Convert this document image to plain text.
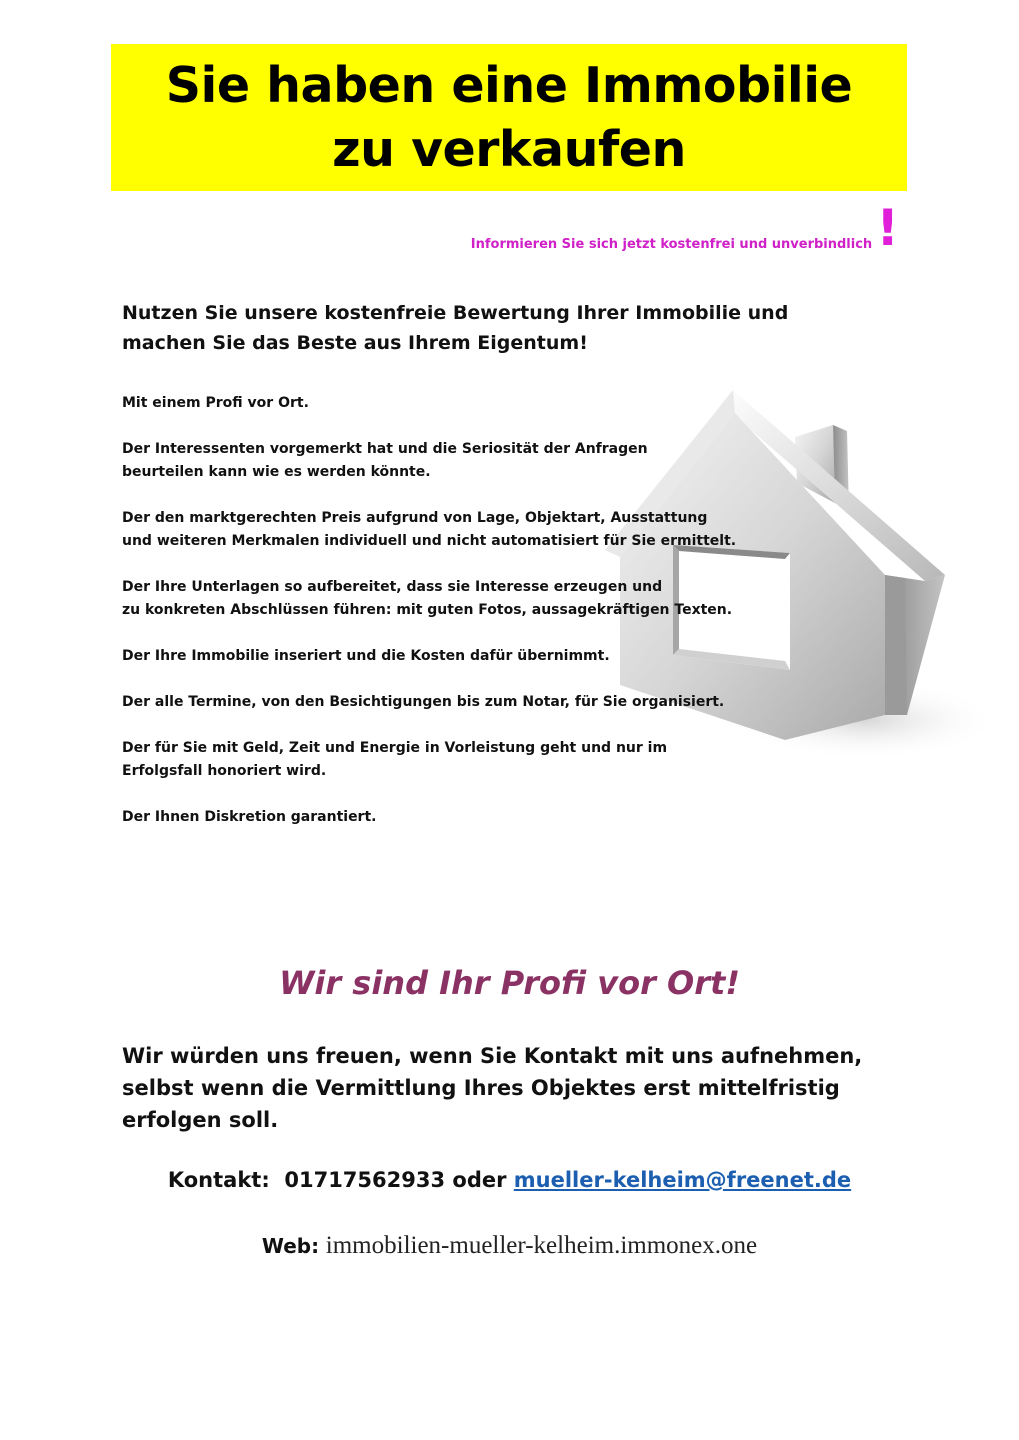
Sie haben eine Immobilie
zu verkaufen
Informieren Sie sich jetzt kostenfrei und unverbindlich !
Nutzen Sie unsere kostenfreie Bewertung Ihrer Immobilie und machen Sie das Beste aus Ihrem Eigentum!

Mit einem Profi vor Ort.

Der Interessenten vorgemerkt hat und die Seriosität der Anfragen
beurteilen kann wie es werden könnte.

Der den marktgerechten Preis aufgrund von Lage, Objektart, Ausstattung
und weiteren Merkmalen individuell und nicht automatisiert für Sie ermittelt.

Der Ihre Unterlagen so aufbereitet, dass sie Interesse erzeugen und
zu konkreten Abschlüssen führen: mit guten Fotos, aussagekräftigen Texten.

Der Ihre Immobilie inseriert und die Kosten dafür übernimmt.

Der alle Termine, von den Besichtigungen bis zum Notar, für Sie organisiert.

Der für Sie mit Geld, Zeit und Energie in Vorleistung geht und nur im
Erfolgsfall honoriert wird.

Der Ihnen Diskretion garantiert.

Wir sind Ihr Profi vor Ort!
Wir würden uns freuen, wenn Sie Kontakt mit uns aufnehmen, selbst wenn die Vermittlung Ihres Objektes erst mittelfristig erfolgen soll.
Kontakt: 01717562933 oder mueller-kelheim@freenet.de
Web: immobilien-mueller-kelheim.immonex.one
